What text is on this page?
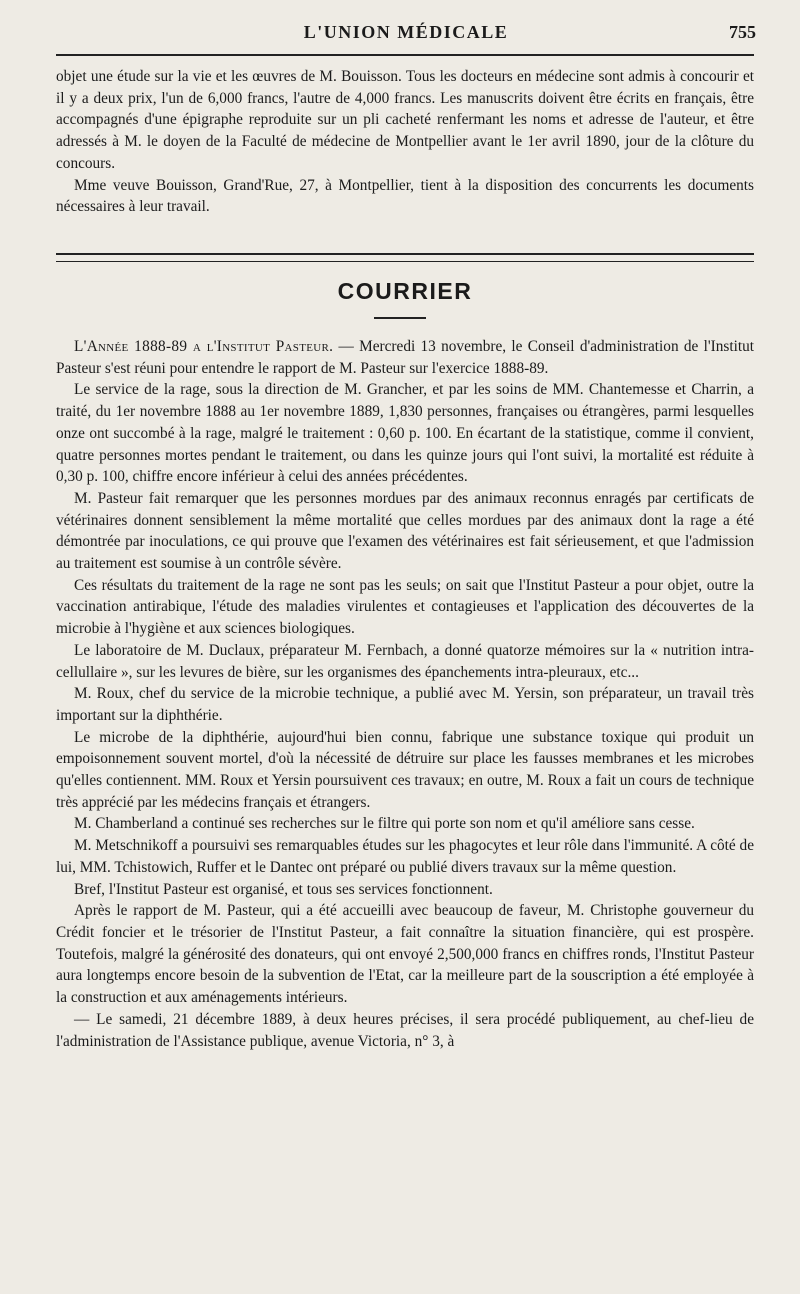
L'UNION MÉDICALE	755

objet une étude sur la vie et les œuvres de M. Bouisson. Tous les docteurs en médecine sont admis à concourir et il y a deux prix, l'un de 6,000 francs, l'autre de 4,000 francs. Les manuscrits doivent être écrits en français, être accompagnés d'une épigraphe reproduite sur un pli cacheté renfermant les noms et adresse de l'auteur, et être adressés à M. le doyen de la Faculté de médecine de Montpellier avant le 1er avril 1890, jour de la clôture du concours.

Mme veuve Bouisson, Grand'Rue, 27, à Montpellier, tient à la disposition des concurrents les documents nécessaires à leur travail.

COURRIER

L'Année 1888-89 a l'Institut Pasteur. — Mercredi 13 novembre, le Conseil d'administration de l'Institut Pasteur s'est réuni pour entendre le rapport de M. Pasteur sur l'exercice 1888-89.

Le service de la rage, sous la direction de M. Grancher, et par les soins de MM. Chantemesse et Charrin, a traité, du 1er novembre 1888 au 1er novembre 1889, 1,830 personnes, françaises ou étrangères, parmi lesquelles onze ont succombé à la rage, malgré le traitement : 0,60 p. 100. En écartant de la statistique, comme il convient, quatre personnes mortes pendant le traitement, ou dans les quinze jours qui l'ont suivi, la mortalité est réduite à 0,30 p. 100, chiffre encore inférieur à celui des années précédentes.

M. Pasteur fait remarquer que les personnes mordues par des animaux reconnus enragés par certificats de vétérinaires donnent sensiblement la même mortalité que celles mordues par des animaux dont la rage a été démontrée par inoculations, ce qui prouve que l'examen des vétérinaires est fait sérieusement, et que l'admission au traitement est soumise à un contrôle sévère.

Ces résultats du traitement de la rage ne sont pas les seuls; on sait que l'Institut Pasteur a pour objet, outre la vaccination antirabique, l'étude des maladies virulentes et contagieuses et l'application des découvertes de la microbie à l'hygiène et aux sciences biologiques.

Le laboratoire de M. Duclaux, préparateur M. Fernbach, a donné quatorze mémoires sur la « nutrition intra-cellullaire », sur les levures de bière, sur les organismes des épanchements intra-pleuraux, etc...

M. Roux, chef du service de la microbie technique, a publié avec M. Yersin, son préparateur, un travail très important sur la diphthérie.

Le microbe de la diphthérie, aujourd'hui bien connu, fabrique une substance toxique qui produit un empoisonnement souvent mortel, d'où la nécessité de détruire sur place les fausses membranes et les microbes qu'elles contiennent. MM. Roux et Yersin poursuivent ces travaux; en outre, M. Roux a fait un cours de technique très apprécié par les médecins français et étrangers.

M. Chamberland a continué ses recherches sur le filtre qui porte son nom et qu'il améliore sans cesse.

M. Metschnikoff a poursuivi ses remarquables études sur les phagocytes et leur rôle dans l'immunité. A côté de lui, MM. Tchistowich, Ruffer et le Dantec ont préparé ou publié divers travaux sur la même question.

Bref, l'Institut Pasteur est organisé, et tous ses services fonctionnent.

Après le rapport de M. Pasteur, qui a été accueilli avec beaucoup de faveur, M. Christophe gouverneur du Crédit foncier et le trésorier de l'Institut Pasteur, a fait connaître la situation financière, qui est prospère. Toutefois, malgré la générosité des donateurs, qui ont envoyé 2,500,000 francs en chiffres ronds, l'Institut Pasteur aura longtemps encore besoin de la subvention de l'Etat, car la meilleure part de la souscription a été employée à la construction et aux aménagements intérieurs.

— Le samedi, 21 décembre 1889, à deux heures précises, il sera procédé publiquement, au chef-lieu de l'administration de l'Assistance publique, avenue Victoria, n° 3, à
